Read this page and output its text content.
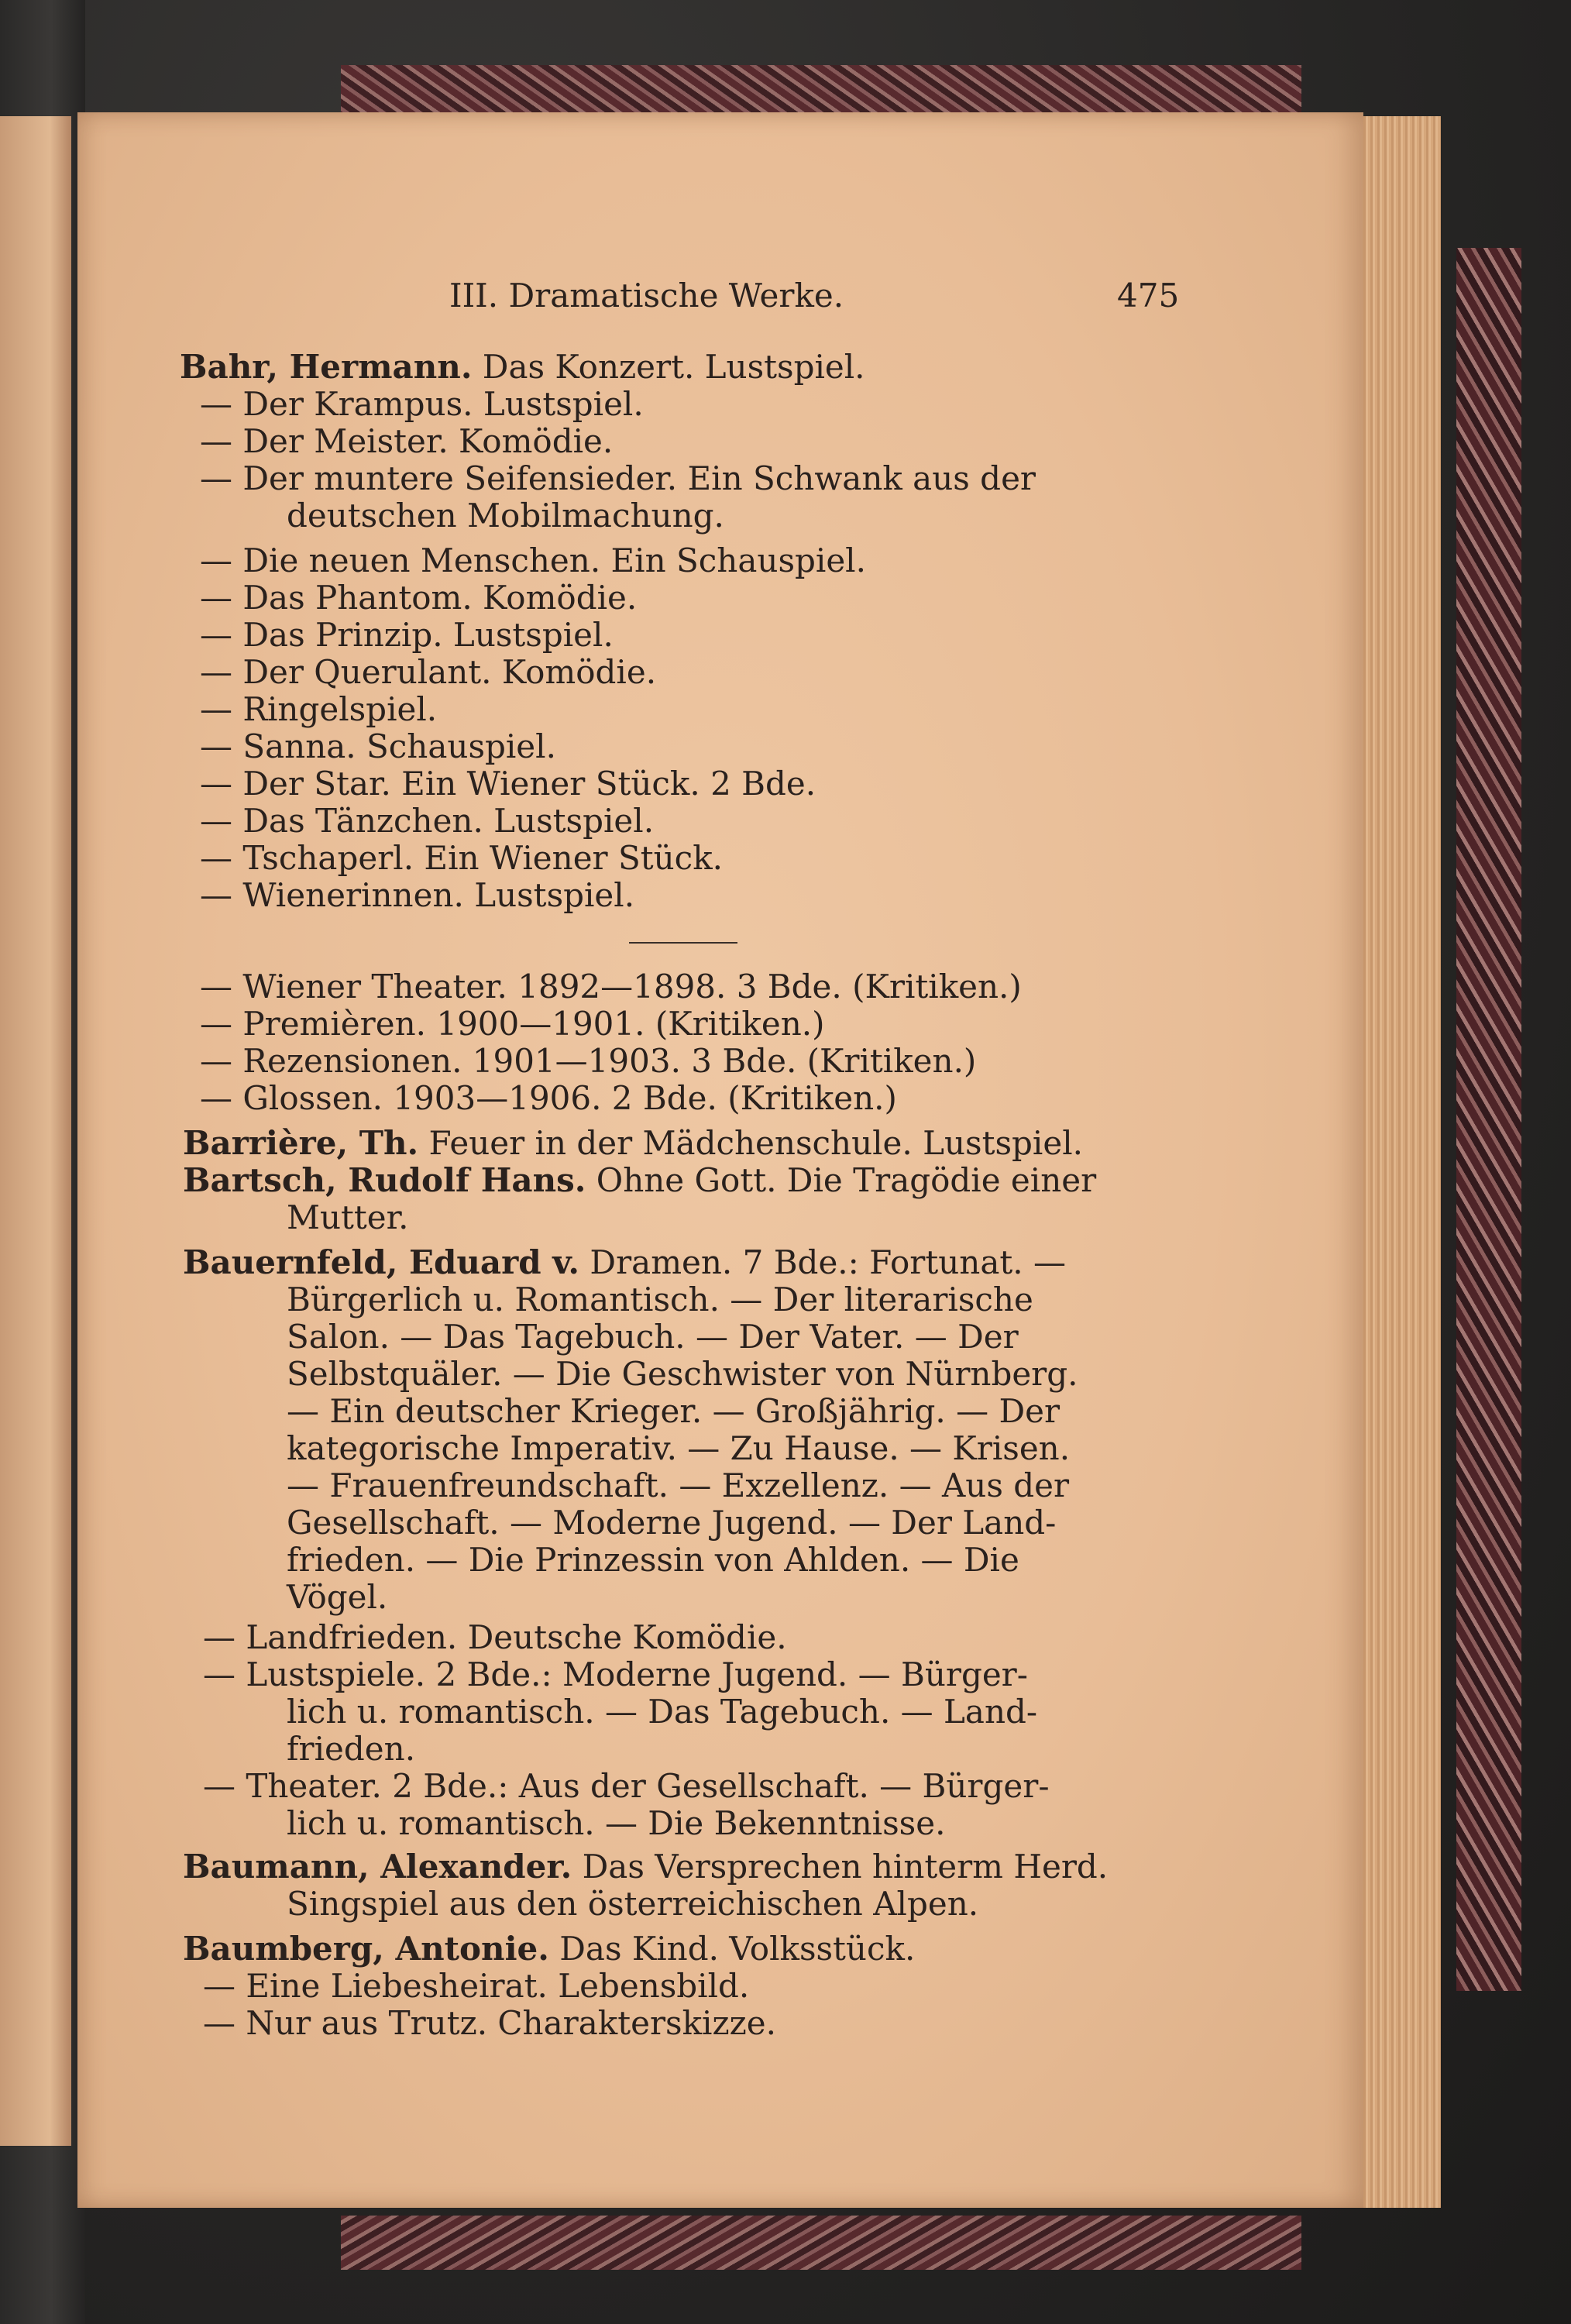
III. Dramatische Werke.	475
Bahr, Hermann. Das Konzert. Lustspiel.
— Der Krampus. Lustspiel.
— Der Meister. Komödie.
— Der muntere Seifensieder. Ein Schwank aus der
deutschen Mobilmachung.
— Die neuen Menschen. Ein Schauspiel.
— Das Phantom. Komödie.
— Das Prinzip. Lustspiel.
— Der Querulant. Komödie.
— Ringelspiel.
— Sanna. Schauspiel.
— Der Star. Ein Wiener Stück. 2 Bde.
— Das Tänzchen. Lustspiel.
— Tschaperl. Ein Wiener Stück.
— Wienerinnen. Lustspiel.
— Wiener Theater. 1892—1898. 3 Bde. (Kritiken.)
— Premièren. 1900—1901. (Kritiken.)
— Rezensionen. 1901—1903. 3 Bde. (Kritiken.)
— Glossen. 1903—1906. 2 Bde. (Kritiken.)
Barrière, Th. Feuer in der Mädchenschule. Lustspiel.
Bartsch, Rudolf Hans. Ohne Gott. Die Tragödie einer
Mutter.
Bauernfeld, Eduard v. Dramen. 7 Bde.: Fortunat. —
Bürgerlich u. Romantisch. — Der literarische
Salon. — Das Tagebuch. — Der Vater. — Der
Selbstquäler. — Die Geschwister von Nürnberg.
— Ein deutscher Krieger. — Großjährig. — Der
kategorische Imperativ. — Zu Hause. — Krisen.
— Frauenfreundschaft. — Exzellenz. — Aus der
Gesellschaft. — Moderne Jugend. — Der Land-
frieden. — Die Prinzessin von Ahlden. — Die
Vögel.
— Landfrieden. Deutsche Komödie.
— Lustspiele. 2 Bde.: Moderne Jugend. — Bürger-
lich u. romantisch. — Das Tagebuch. — Land-
frieden.
— Theater. 2 Bde.: Aus der Gesellschaft. — Bürger-
lich u. romantisch. — Die Bekenntnisse.
Baumann, Alexander. Das Versprechen hinterm Herd.
Singspiel aus den österreichischen Alpen.
Baumberg, Antonie. Das Kind. Volksstück.
— Eine Liebesheirat. Lebensbild.
— Nur aus Trutz. Charakterskizze.
